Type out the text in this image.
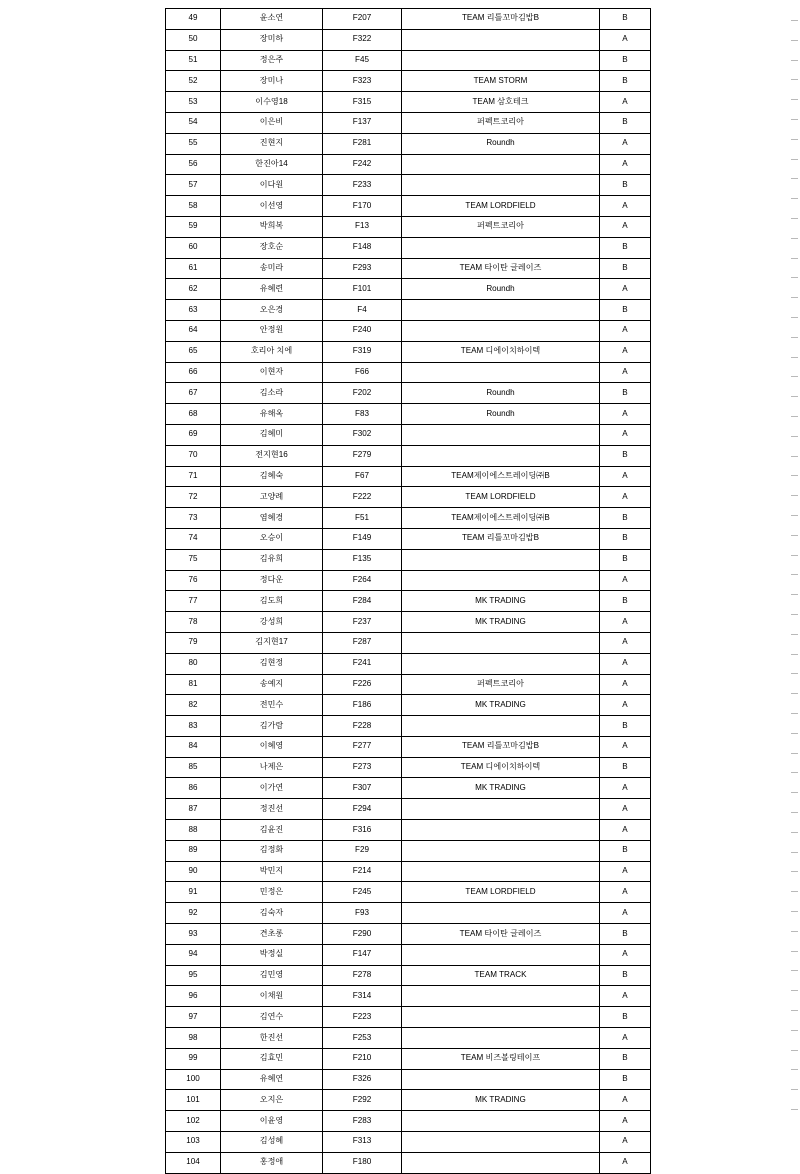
49	윤소연	F207	TEAM 리틀꼬마김밥B	B
50	장미하	F322		A
51	정은주	F45		B
52	장미나	F323	TEAM STORM	B
53	이수영18	F315	TEAM 삼호테크	A
54	이은비	F137	퍼펙트코리아	B
55	진현지	F281	Roundh	A
56	한진아14	F242		A
57	이다원	F233		B
58	이선영	F170	TEAM LORDFIELD	A
59	박희복	F13	퍼펙트코리아	A
60	장호순	F148		B
61	송미라	F293	TEAM 타이탄 글레이즈	B
62	유혜련	F101	Roundh	A
63	오은경	F4		B
64	안정원	F240		A
65	호리아 치에	F319	TEAM 디에이치하이텍	A
66	이현자	F66		A
67	김소라	F202	Roundh	B
68	유해옥	F83	Roundh	A
69	김혜미	F302		A
70	전지현16	F279		B
71	김혜숙	F67	TEAM제이에스트레이딩㈜B	A
72	고양례	F222	TEAM LORDFIELD	A
73	염혜경	F51	TEAM제이에스트레이딩㈜B	B
74	오승이	F149	TEAM 리틀꼬마김밥B	B
75	김유희	F135		B
76	정다운	F264		A
77	김도희	F284	MK TRADING	B
78	강성희	F237	MK TRADING	A
79	김지현17	F287		A
80	김현정	F241		A
81	송예지	F226	퍼펙트코리아	A
82	전민수	F186	MK TRADING	A
83	김가람	F228		B
84	이혜영	F277	TEAM 리틀꼬마김밥B	A
85	나제은	F273	TEAM 디에이치하이텍	B
86	이가연	F307	MK TRADING	A
87	정진선	F294		A
88	김윤진	F316		A
89	김정화	F29		B
90	박민지	F214		A
91	민정은	F245	TEAM LORDFIELD	A
92	김숙자	F93		A
93	견초롱	F290	TEAM 타이탄 글레이즈	B
94	박정실	F147		A
95	김민영	F278	TEAM TRACK	B
96	이채원	F314		A
97	김연수	F223		B
98	한진선	F253		A
99	김효민	F210	TEAM 비즈볼링테이프	B
100	유혜연	F326		B
101	오지은	F292	MK TRADING	A
102	이윤영	F283		A
103	김성혜	F313		A
104	홍정애	F180		A
